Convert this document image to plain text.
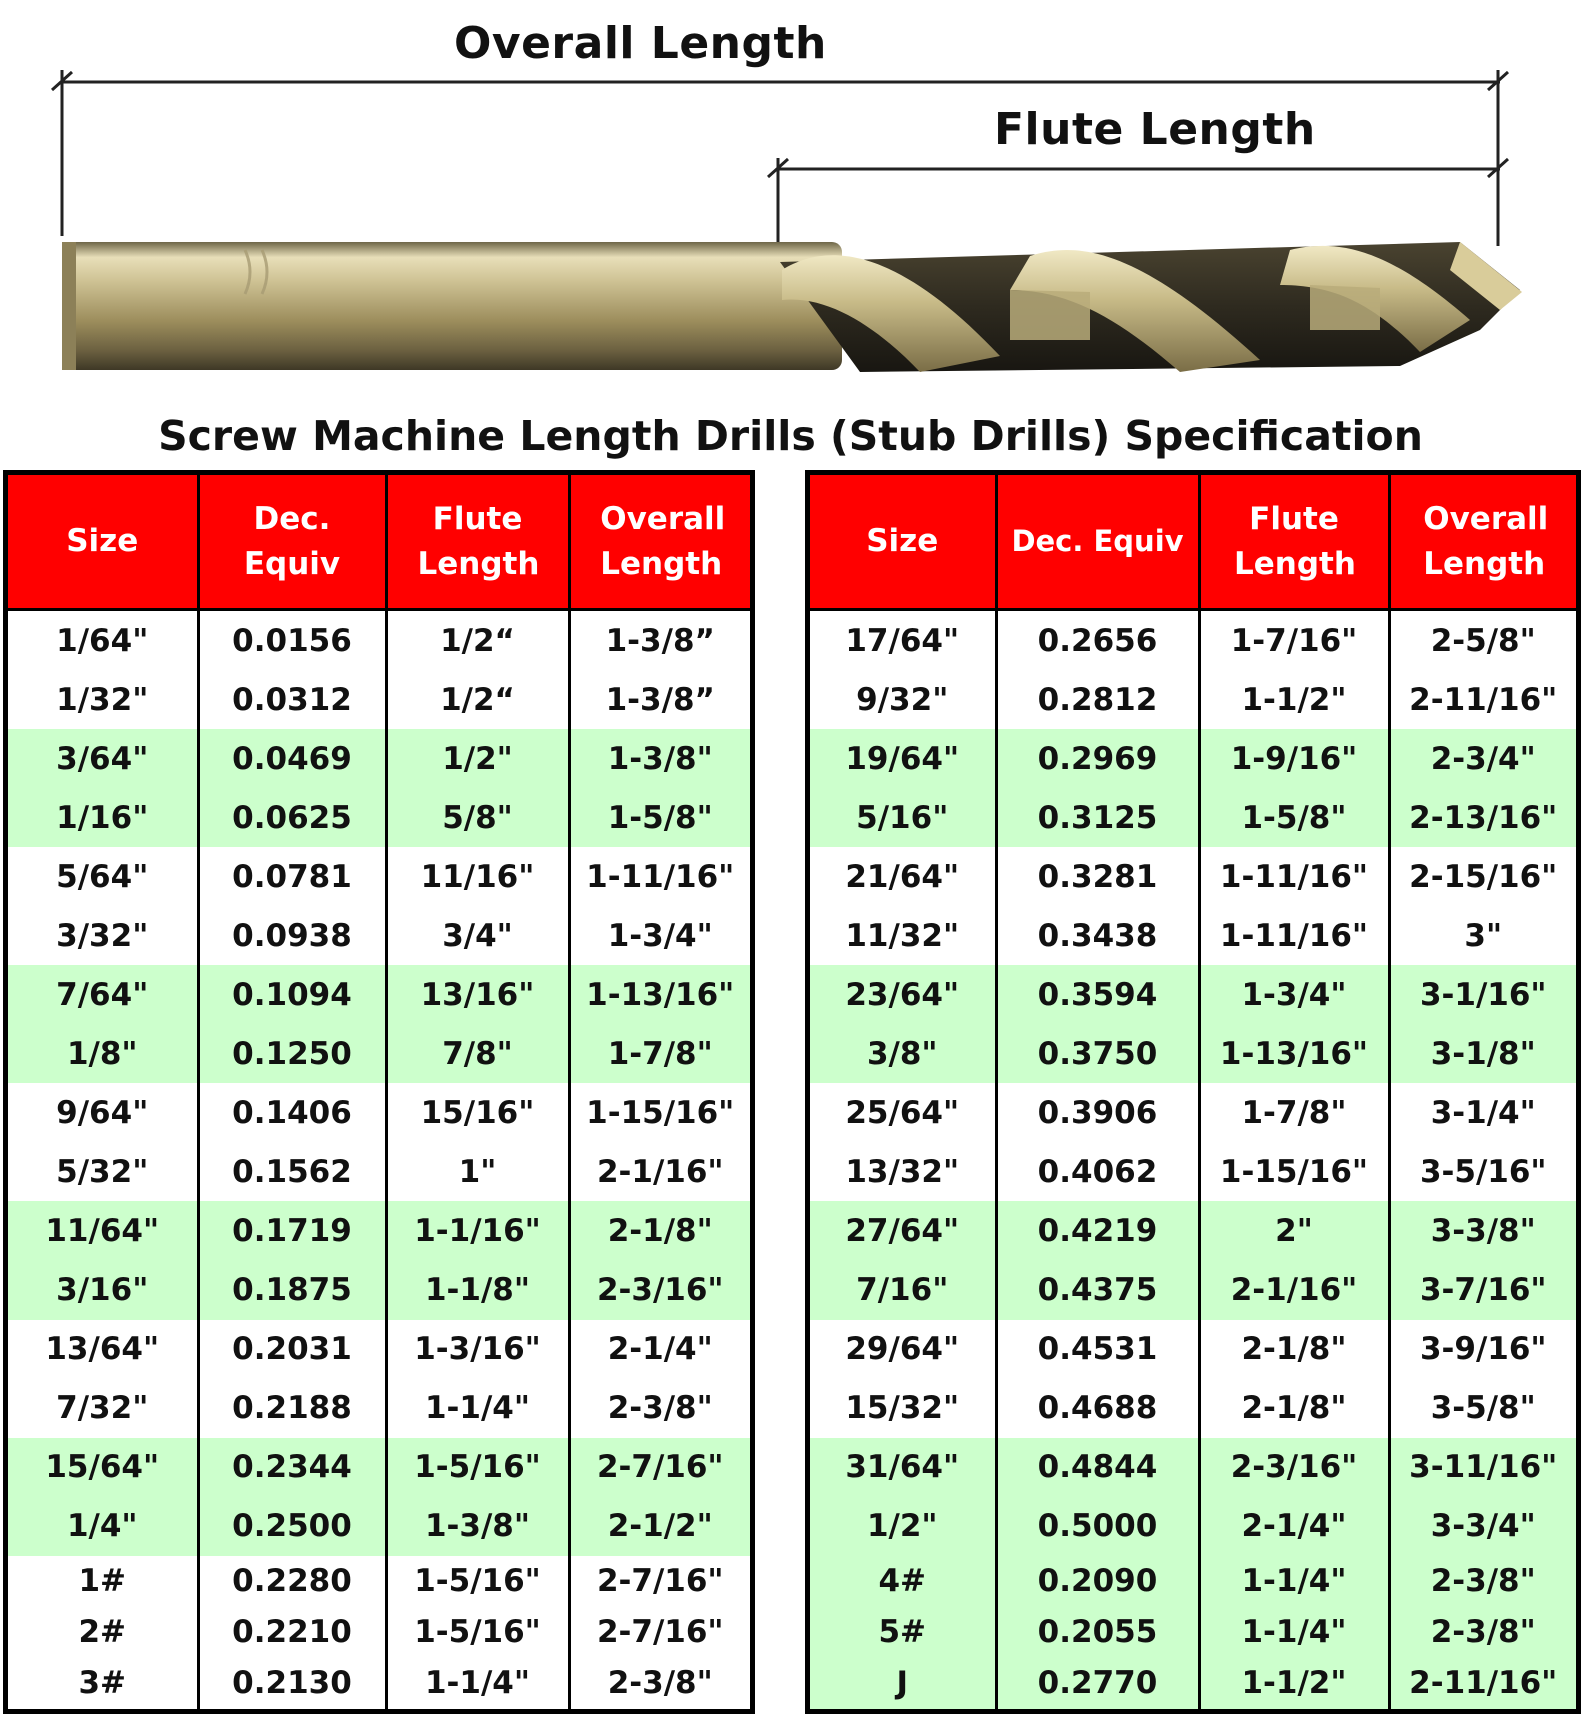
Overall Length
Flute Length
Screw Machine Length Drills (Stub Drills) Specification
Size	Dec. Equiv	Flute Length	Overall Length

1/64"	0.0156	1/2“	1-3/8”
1/32"	0.0312	1/2“	1-3/8”
3/64"	0.0469	1/2"	1-3/8"
1/16"	0.0625	5/8"	1-5/8"
5/64"	0.0781	11/16"	1-11/16"
3/32"	0.0938	3/4"	1-3/4"
7/64"	0.1094	13/16"	1-13/16"
1/8"	0.1250	7/8"	1-7/8"
9/64"	0.1406	15/16"	1-15/16"
5/32"	0.1562	1"	2-1/16"
11/64"	0.1719	1-1/16"	2-1/8"
3/16"	0.1875	1-1/8"	2-3/16"
13/64"	0.2031	1-3/16"	2-1/4"
7/32"	0.2188	1-1/4"	2-3/8"
15/64"	0.2344	1-5/16"	2-7/16"
1/4"	0.2500	1-3/8"	2-1/2"
1#	0.2280	1-5/16"	2-7/16"
2#	0.2210	1-5/16"	2-7/16"
3#	0.2130	1-1/4"	2-3/8"
Size	Dec. Equiv	Flute Length	Overall Length

17/64"	0.2656	1-7/16"	2-5/8"
9/32"	0.2812	1-1/2"	2-11/16"
19/64"	0.2969	1-9/16"	2-3/4"
5/16"	0.3125	1-5/8"	2-13/16"
21/64"	0.3281	1-11/16"	2-15/16"
11/32"	0.3438	1-11/16"	3"
23/64"	0.3594	1-3/4"	3-1/16"
3/8"	0.3750	1-13/16"	3-1/8"
25/64"	0.3906	1-7/8"	3-1/4"
13/32"	0.4062	1-15/16"	3-5/16"
27/64"	0.4219	2"	3-3/8"
7/16"	0.4375	2-1/16"	3-7/16"
29/64"	0.4531	2-1/8"	3-9/16"
15/32"	0.4688	2-1/8"	3-5/8"
31/64"	0.4844	2-3/16"	3-11/16"
1/2"	0.5000	2-1/4"	3-3/4"
4#	0.2090	1-1/4"	2-3/8"
5#	0.2055	1-1/4"	2-3/8"
J	0.2770	1-1/2"	2-11/16"
